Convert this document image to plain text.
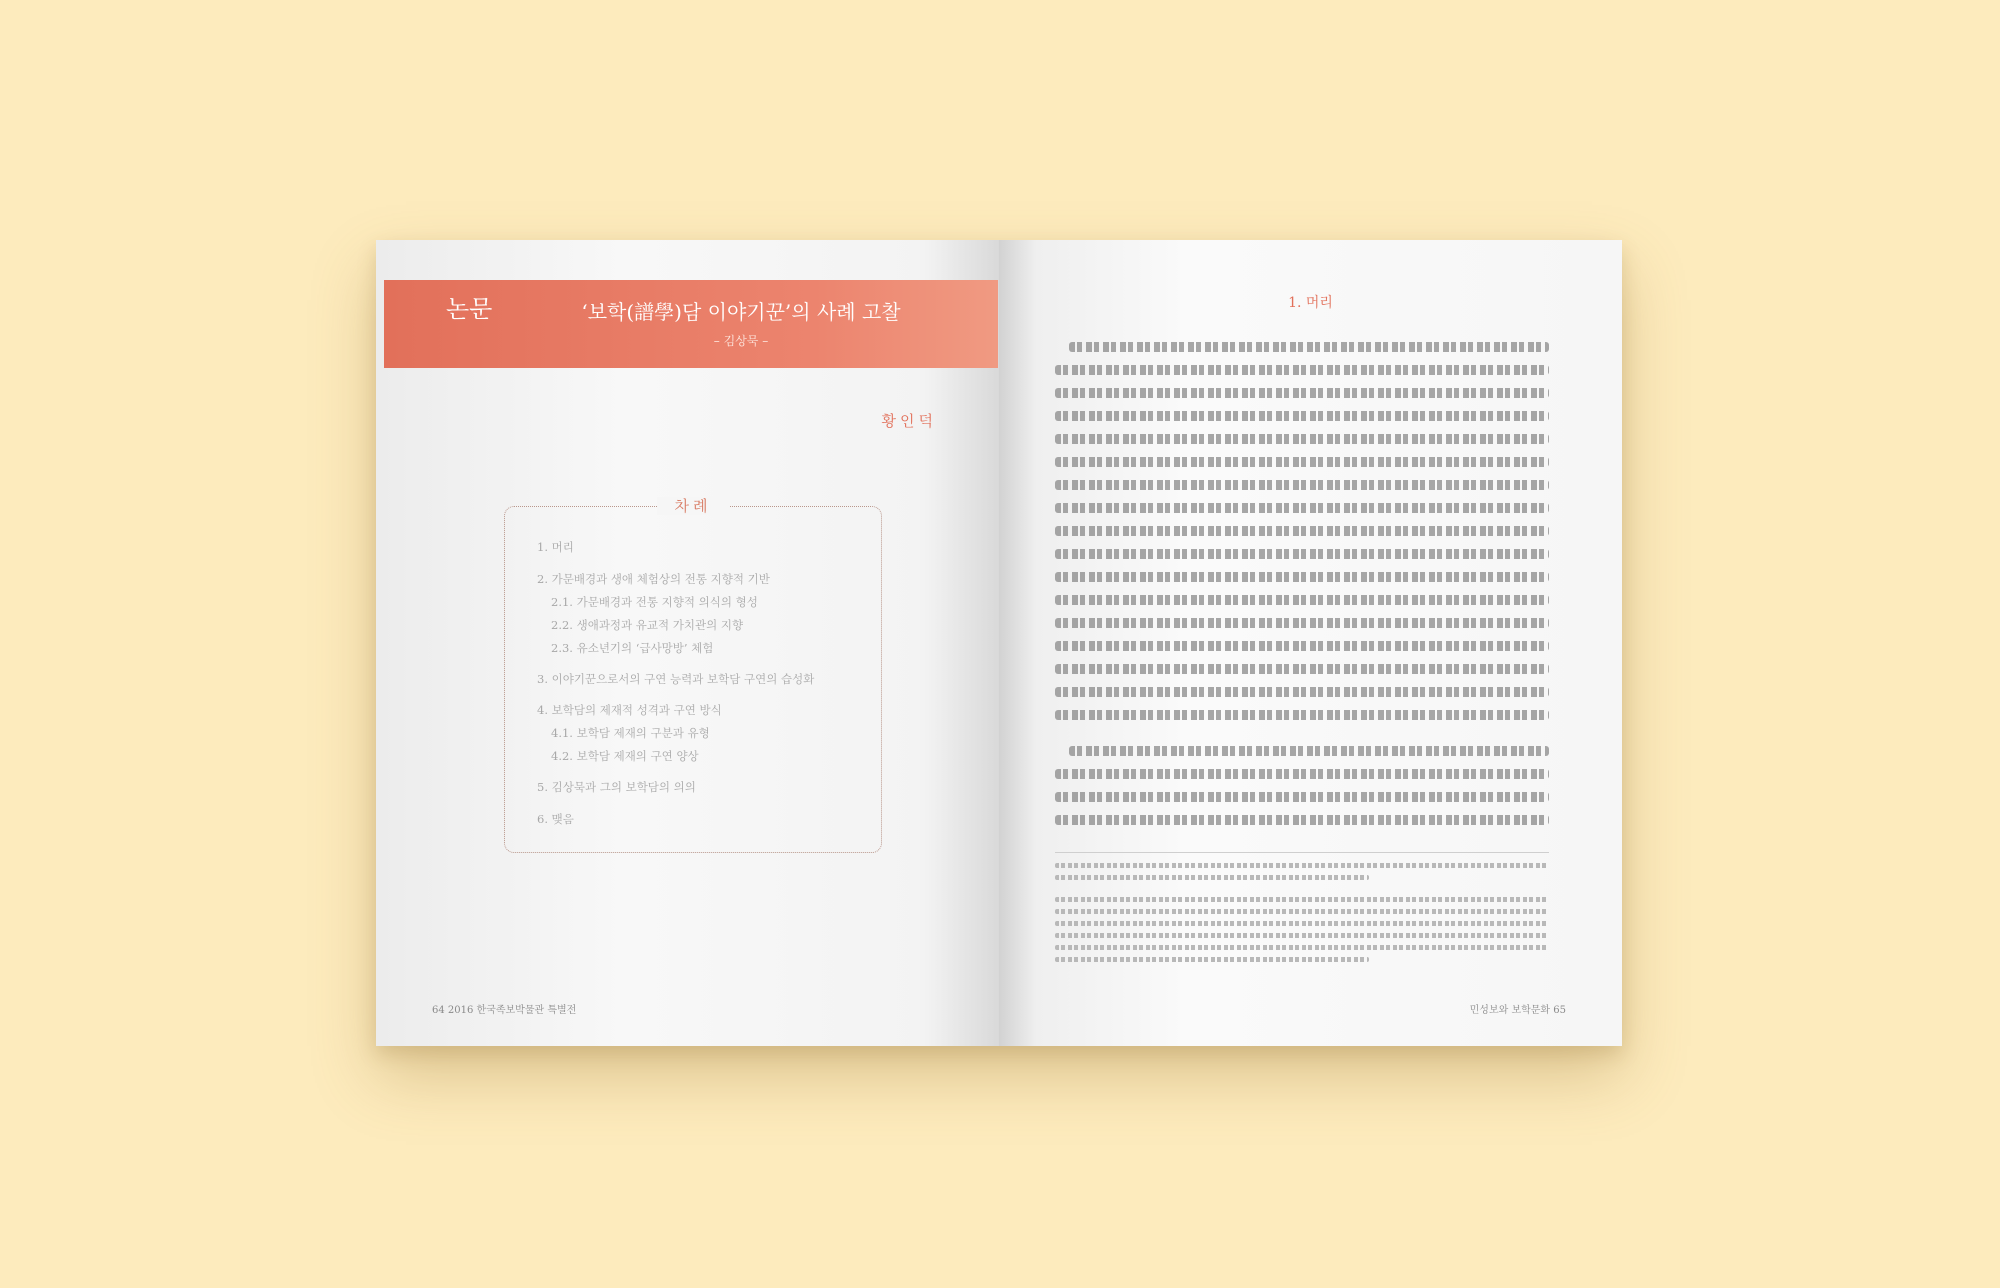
논문	‘보학(譜學)담 이야기꾼’의 사례 고찰
– 김상묵 –
황인덕
차례
1. 머리
2. 가문배경과 생애 체험상의 전통 지향적 기반
2.1. 가문배경과 전통 지향적 의식의 형성
2.2. 생애과정과 유교적 가치관의 지향
2.3. 유소년기의 ‘급사망방’ 체험
3. 이야기꾼으로서의 구연 능력과 보학담 구연의 습성화
4. 보학담의 제재적 성격과 구연 방식
4.1. 보학담 제재의 구분과 유형
4.2. 보학담 제재의 구연 양상
5. 김상묵과 그의 보학담의 의의
6. 맺음
64 2016 한국족보박물관 특별전
1. 머리
민성보와 보학문화 65
